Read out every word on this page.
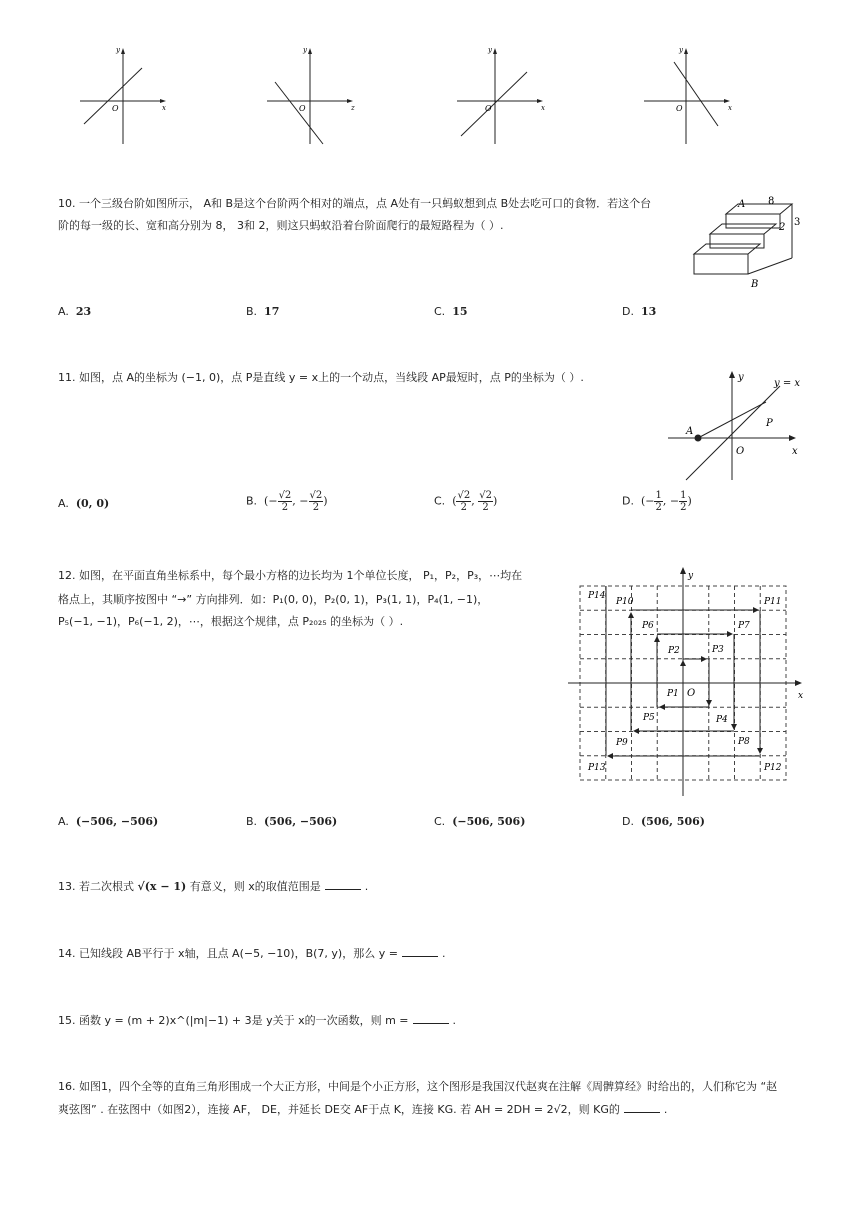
y
O	x
y
O	z
y
O	x
y
O	x
10. 一个三级台阶如图所示， A和 B是这个台阶两个相对的端点，点 A处有一只蚂蚁想到点 B处去吃可口的食物．若这个台
阶的每一级的长、宽和高分别为 8， 3和 2，则这只蚂蚁沿着台阶面爬行的最短路程为（ ）.
A
B
8
3
2
A. 23	B. 17	C. 15	D. 13
11. 如图，点 A的坐标为 (−1, 0)，点 P是直线 y = x上的一个动点，当线段 AP最短时，点 P的坐标为（ ）.	y
x
O
A
P
y = x
A. (0, 0)	B. (− $\frac{√2}{2}$ , − $\frac{√2}{2}$ )	C. ( $\frac{√2}{2}$ , $\frac{√2}{2}$ )	D. (− $\frac{1}{2}$ , − $\frac{1}{2}$ )
12. 如图，在平面直角坐标系中，每个最小方格的边长均为 1个单位长度， P₁，P₂，P₃，⋯均在
格点上，其顺序按图中 “→” 方向排列．如：P₁(0, 0)，P₂(0, 1)，P₃(1, 1)，P₄(1, −1)，
P₅(−1, −1)，P₆(−1, 2)，⋯，根据这个规律，点 P₂₀₂₅ 的坐标为（ ）.
y
x
O
P1
P2	P3
P4
P5
P6	P7
P8
P9
P10	P11
P12
P13
P14
A. (−506, −506)	B. (506, −506)	C. (−506, 506)	D. (506, 506)
13. 若二次根式 √(x − 1) 有意义，则 x的取值范围是	.
14. 已知线段 AB平行于 x轴，且点 A(−5, −10)，B(7, y)，那么 y =	.
15. 函数 y = (m + 2)x^(|m|−1) + 3是 y关于 x的一次函数，则 m =	.
16. 如图1，四个全等的直角三角形围成一个大正方形，中间是个小正方形，这个图形是我国汉代赵爽在注解《周髀算经》时给出的，人们称它为 “赵
爽弦图” . 在弦图中（如图2），连接 AF， DE，并延长 DE交 AF于点 K，连接 KG. 若 AH = 2DH = 2√2，则 KG的	.
